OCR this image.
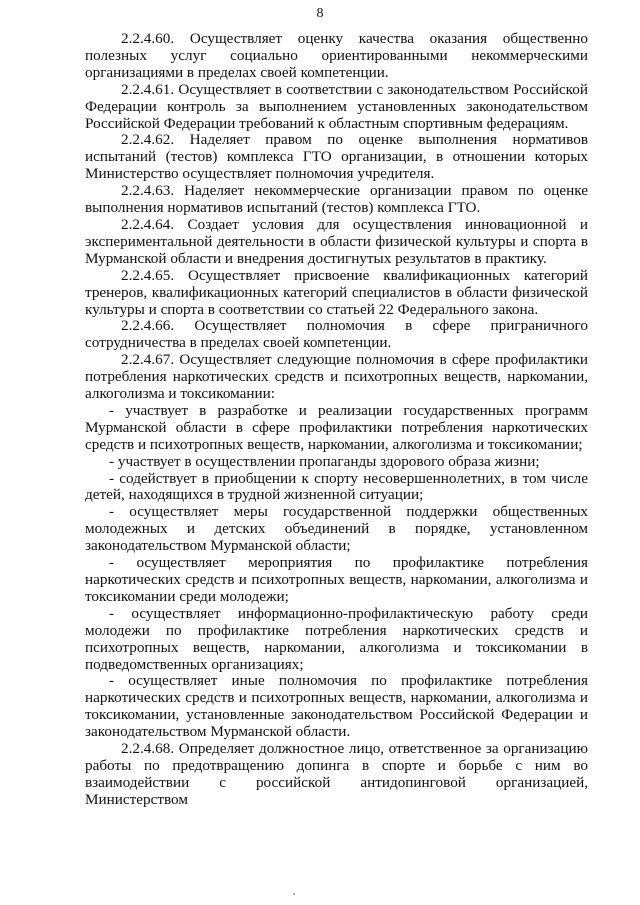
8

2.2.4.60. Осуществляет оценку качества оказания общественно полезных услуг социально ориентированными некоммерческими организациями в пределах своей компетенции.

2.2.4.61. Осуществляет в соответствии с законодательством Российской Федерации контроль за выполнением установленных законодательством Российской Федерации требований к областным спортивным федерациям.

2.2.4.62. Наделяет правом по оценке выполнения нормативов испытаний (тестов) комплекса ГТО организации, в отношении которых Министерство осуществляет полномочия учредителя.

2.2.4.63. Наделяет некоммерческие организации правом по оценке выполнения нормативов испытаний (тестов) комплекса ГТО.

2.2.4.64. Создает условия для осуществления инновационной и экспериментальной деятельности в области физической культуры и спорта в Мурманской области и внедрения достигнутых результатов в практику.

2.2.4.65. Осуществляет присвоение квалификационных категорий тренеров, квалификационных категорий специалистов в области физической культуры и спорта в соответствии со статьей 22 Федерального закона.

2.2.4.66. Осуществляет полномочия в сфере приграничного сотрудничества в пределах своей компетенции.

2.2.4.67. Осуществляет следующие полномочия в сфере профилактики потребления наркотических средств и психотропных веществ, наркомании, алкоголизма и токсикомании:

- участвует в разработке и реализации государственных программ Мурманской области в сфере профилактики потребления наркотических средств и психотропных веществ, наркомании, алкоголизма и токсикомании;

- участвует в осуществлении пропаганды здорового образа жизни;

- содействует в приобщении к спорту несовершеннолетних, в том числе детей, находящихся в трудной жизненной ситуации;

- осуществляет меры государственной поддержки общественных молодежных и детских объединений в порядке, установленном законодательством Мурманской области;

- осуществляет мероприятия по профилактике потребления наркотических средств и психотропных веществ, наркомании, алкоголизма и токсикомании среди молодежи;

- осуществляет информационно-профилактическую работу среди молодежи по профилактике потребления наркотических средств и психотропных веществ, наркомании, алкоголизма и токсикомании в подведомственных организациях;

- осуществляет иные полномочия по профилактике потребления наркотических средств и психотропных веществ, наркомании, алкоголизма и токсикомании, установленные законодательством Российской Федерации и законодательством Мурманской области.

2.2.4.68. Определяет должностное лицо, ответственное за организацию работы по предотвращению допинга в спорте и борьбе с ним во взаимодействии с российской антидопинговой организацией, Министерством
